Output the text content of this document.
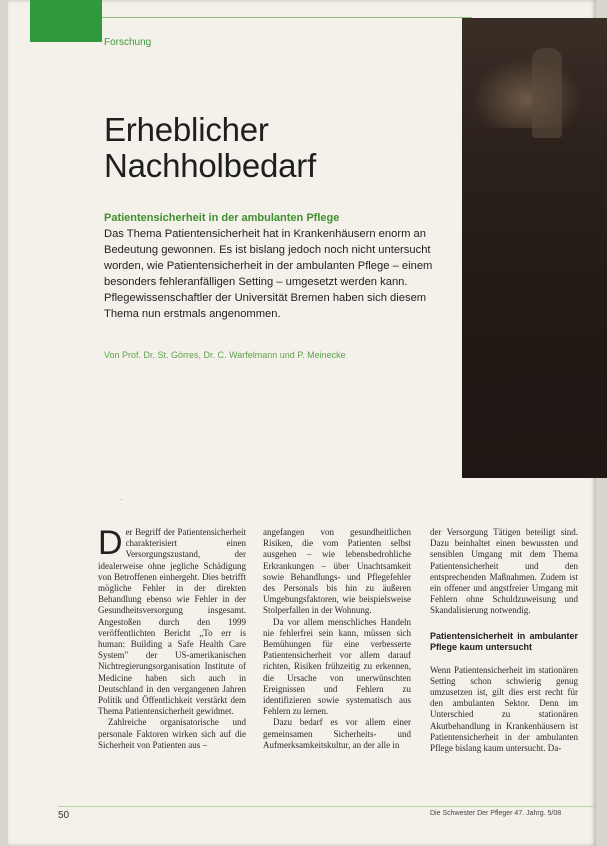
Forschung
Erheblicher
Nachholbedarf
Patientensicherheit in der ambulanten Pflege
Das Thema Patientensicherheit hat in Krankenhäusern enorm an Bedeutung gewonnen. Es ist bislang jedoch noch nicht untersucht worden, wie Patientensicherheit in der ambulanten Pflege – einem besonders fehleranfälligen Setting – umgesetzt werden kann. Pflegewissenschaftler der Universität Bremen haben sich diesem Thema nun erstmals angenommen.
Von Prof. Dr. St. Görres, Dr. C. Warfelmann und P. Meinecke
·

Der Begriff der Patientensicherheit charakterisiert einen Versorgungszustand, der idealerweise ohne jegliche Schädigung von Betroffenen einhergeht. Dies betrifft mögliche Fehler in der direkten Behandlung ebenso wie Fehler in der Gesundheitsversorgung insgesamt. Angestoßen durch den 1999 veröffentlichten Bericht „To err is human: Building a Safe Health Care System" der US-amerikanischen Nichtregierungsorganisation Institute of Medicine haben sich auch in Deutschland in den vergangenen Jahren Politik und Öffentlichkeit verstärkt dem Thema Patientensicherheit gewidmet.

Zahlreiche organisatorische und personale Faktoren wirken sich auf die Sicherheit von Patienten aus –

angefangen von gesundheitlichen Risiken, die vom Patienten selbst ausgehen – wie lebensbedrohliche Erkrankungen – über Unachtsamkeit sowie Behandlungs- und Pflegefehler des Personals bis hin zu äußeren Umgebungsfaktoren, wie beispielsweise Stolperfallen in der Wohnung.

Da vor allem menschliches Handeln nie fehlerfrei sein kann, müssen sich Bemühungen für eine verbesserte Patientensicherheit vor allem darauf richten, Risiken frühzeitig zu erkennen, die Ursache von unerwünschten Ereignissen und Fehlern zu identifizieren sowie systematisch aus Fehlern zu lernen.

Dazu bedarf es vor allem einer gemeinsamen Sicherheits- und Aufmerksamkeitskultur, an der alle in

der Versorgung Tätigen beteiligt sind. Dazu beinhaltet einen bewussten und sensiblen Umgang mit dem Thema Patientensicherheit und den entsprechenden Maßnahmen. Zudem ist ein offener und angstfreier Umgang mit Fehlern ohne Schuldzuweisung und Skandalisierung notwendig.

Patientensicherheit in ambulanter Pflege kaum untersucht

Wenn Patientensicherheit im stationären Setting schon schwierig genug umzusetzen ist, gilt dies erst recht für den ambulanten Sektor. Denn im Unterschied zu stationären Akutbehandlung in Krankenhäusern ist Patientensicherheit in der ambulanten Pflege bislang kaum untersucht. Da-

50	Die Schwester Der Pfleger 47. Jahrg. 5/08
